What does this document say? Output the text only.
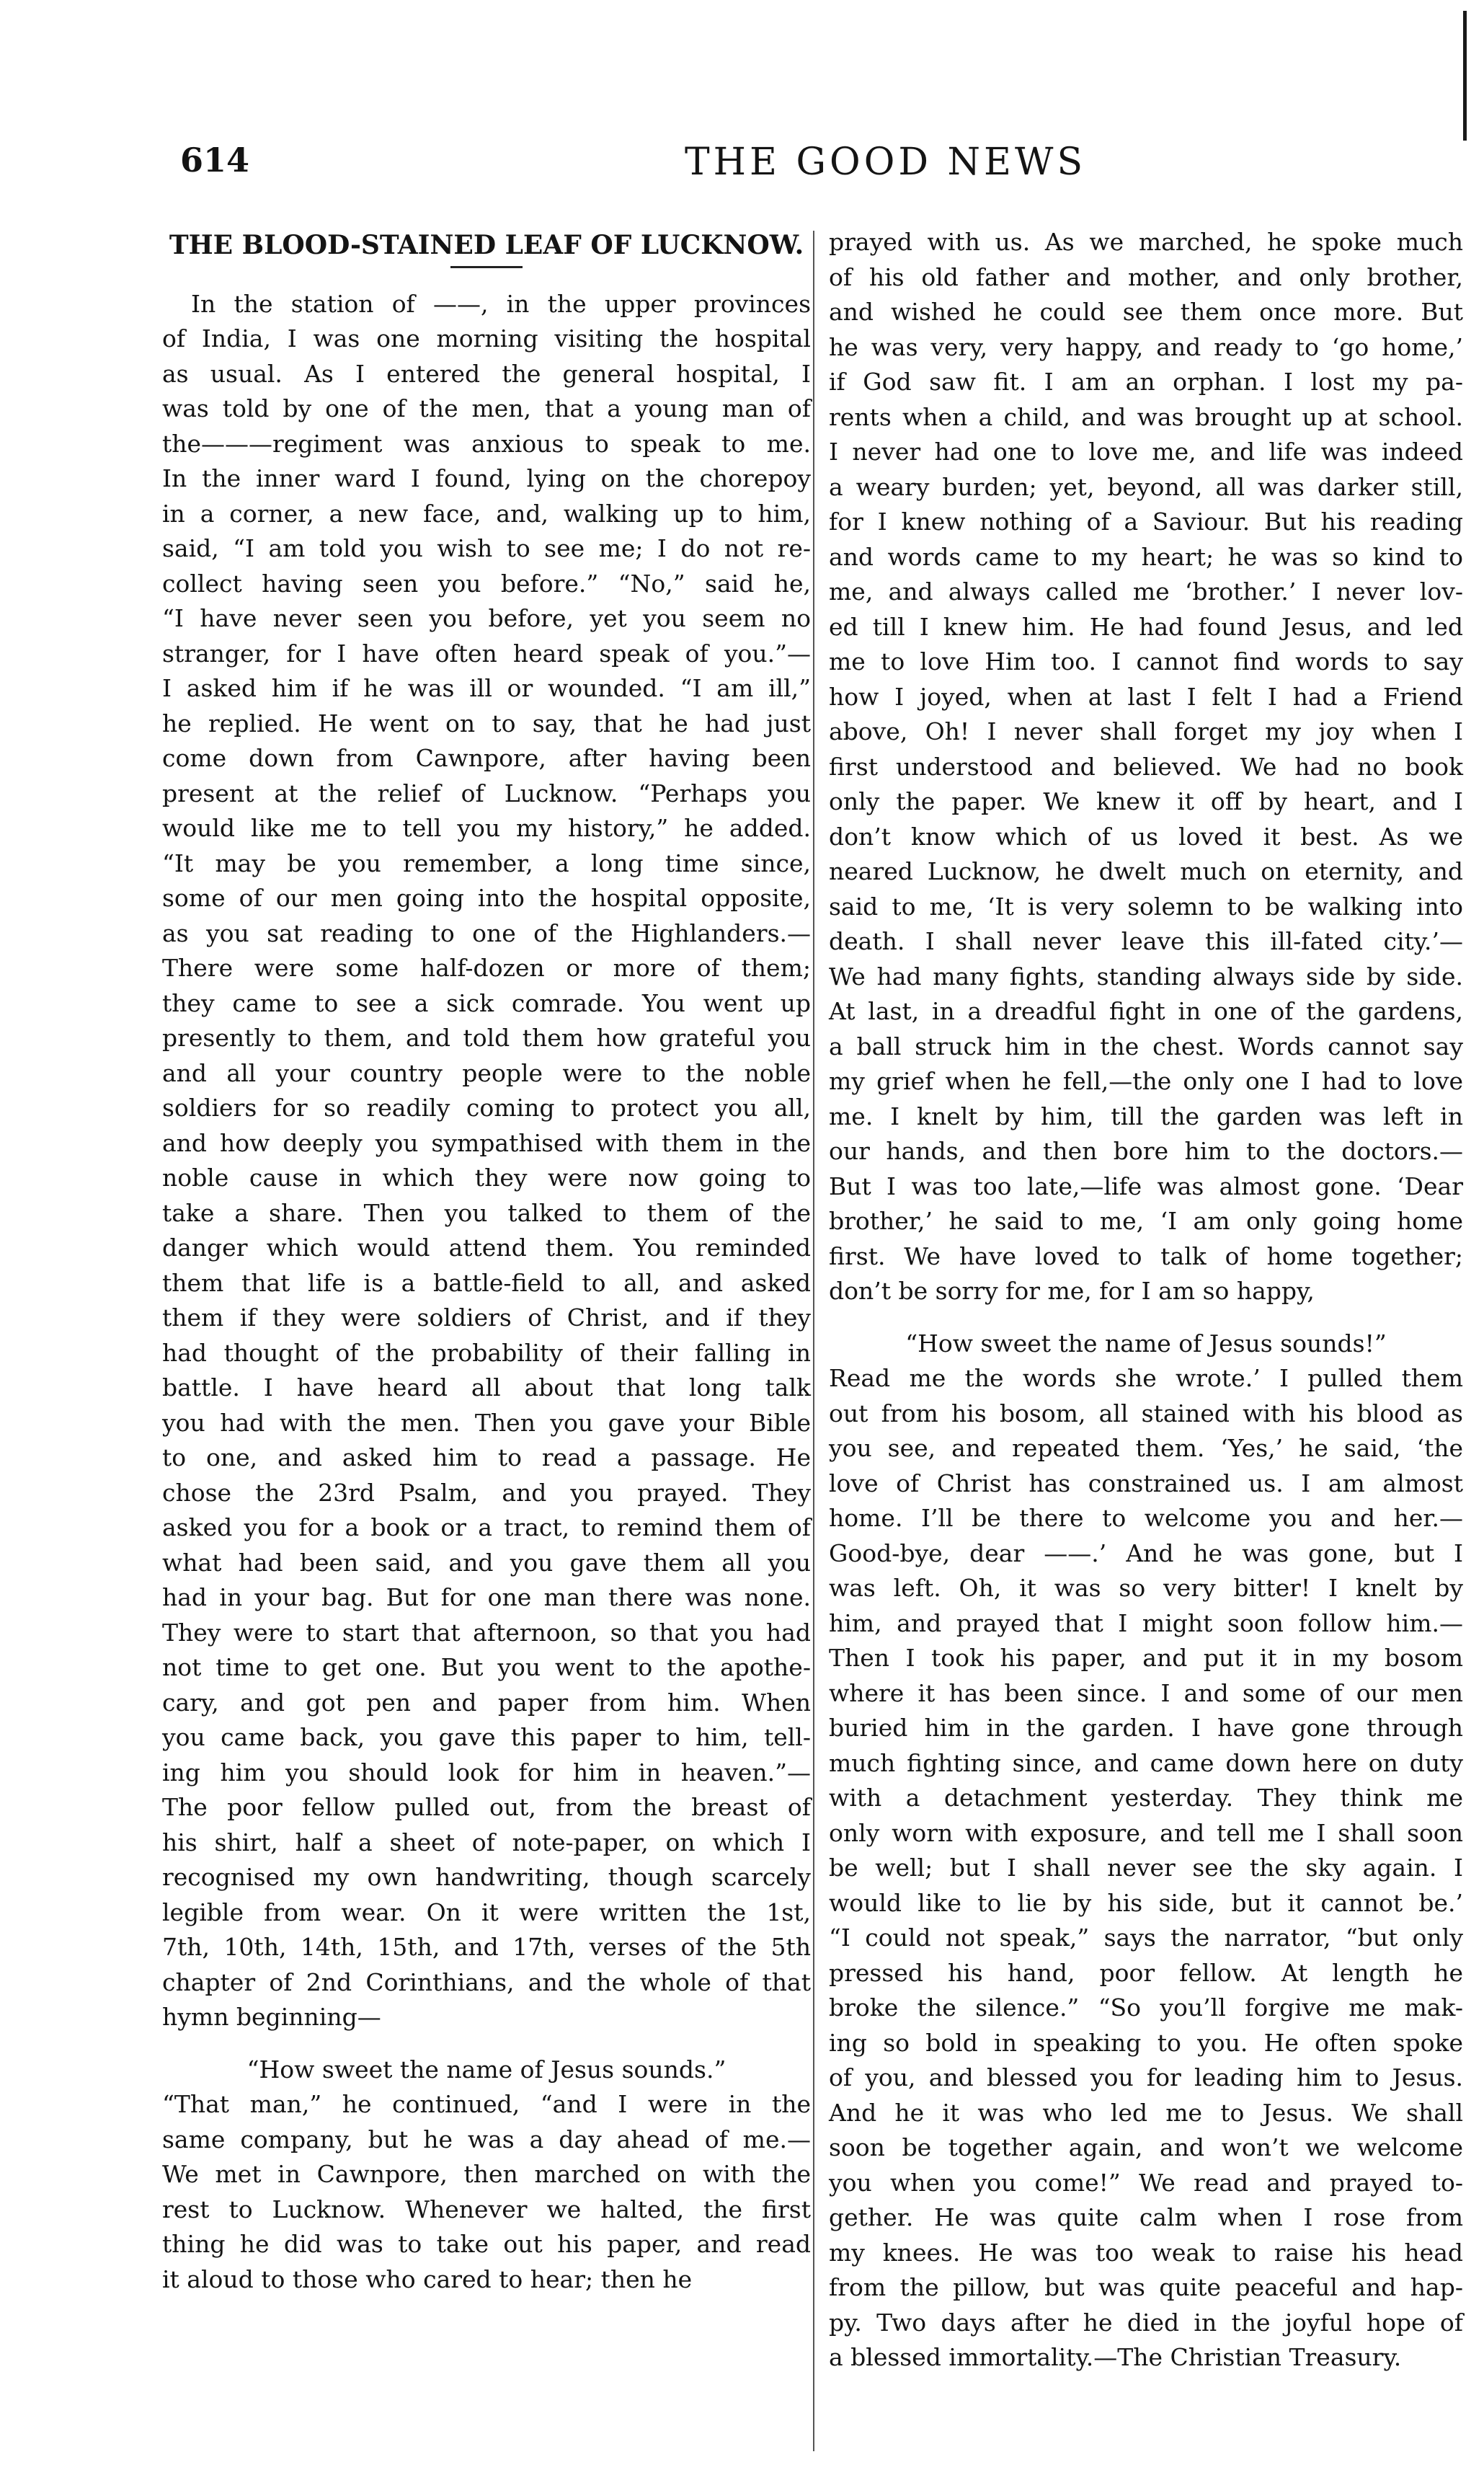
614	THE GOOD NEWS
THE BLOOD-STAINED LEAF OF LUCKNOW.
In the station of ——, in the upper provinces
of India, I was one morning visiting the hospital
as usual. As I entered the general hospital, I
was told by one of the men, that a young man of
the———regiment was anxious to speak to me.
In the inner ward I found, lying on the chorepoy
in a corner, a new face, and, walking up to him,
said, “I am told you wish to see me; I do not re-
collect having seen you before.” “No,” said he,
“I have never seen you before, yet you seem no
stranger, for I have often heard speak of you.”—
I asked him if he was ill or wounded. “I am ill,”
he replied. He went on to say, that he had just
come down from Cawnpore, after having been
present at the relief of Lucknow. “Perhaps you
would like me to tell you my history,” he added.
“It may be you remember, a long time since,
some of our men going into the hospital opposite,
as you sat reading to one of the Highlanders.—
There were some half-dozen or more of them;
they came to see a sick comrade. You went up
presently to them, and told them how grateful you
and all your country people were to the noble
soldiers for so readily coming to protect you all,
and how deeply you sympathised with them in the
noble cause in which they were now going to
take a share. Then you talked to them of the
danger which would attend them. You reminded
them that life is a battle-field to all, and asked
them if they were soldiers of Christ, and if they
had thought of the probability of their falling in
battle. I have heard all about that long talk
you had with the men. Then you gave your Bible
to one, and asked him to read a passage. He
chose the 23rd Psalm, and you prayed. They
asked you for a book or a tract, to remind them of
what had been said, and you gave them all you
had in your bag. But for one man there was none.
They were to start that afternoon, so that you had
not time to get one. But you went to the apothe-
cary, and got pen and paper from him. When
you came back, you gave this paper to him, tell-
ing him you should look for him in heaven.”—
The poor fellow pulled out, from the breast of
his shirt, half a sheet of note-paper, on which I
recognised my own handwriting, though scarcely
legible from wear. On it were written the 1st,
7th, 10th, 14th, 15th, and 17th, verses of the 5th
chapter of 2nd Corinthians, and the whole of that
hymn beginning—
“How sweet the name of Jesus sounds.”
“That man,” he continued, “and I were in the
same company, but he was a day ahead of me.—
We met in Cawnpore, then marched on with the
rest to Lucknow. Whenever we halted, the first
thing he did was to take out his paper, and read
it aloud to those who cared to hear; then he
prayed with us. As we marched, he spoke much
of his old father and mother, and only brother,
and wished he could see them once more. But
he was very, very happy, and ready to ‘go home,’
if God saw fit. I am an orphan. I lost my pa-
rents when a child, and was brought up at school.
I never had one to love me, and life was indeed
a weary burden; yet, beyond, all was darker still,
for I knew nothing of a Saviour. But his reading
and words came to my heart; he was so kind to
me, and always called me ‘brother.’ I never lov-
ed till I knew him. He had found Jesus, and led
me to love Him too. I cannot find words to say
how I joyed, when at last I felt I had a Friend
above, Oh! I never shall forget my joy when I
first understood and believed. We had no book
only the paper. We knew it off by heart, and I
don’t know which of us loved it best. As we
neared Lucknow, he dwelt much on eternity, and
said to me, ‘It is very solemn to be walking into
death. I shall never leave this ill-fated city.’—
We had many fights, standing always side by side.
At last, in a dreadful fight in one of the gardens,
a ball struck him in the chest. Words cannot say
my grief when he fell,—the only one I had to love
me. I knelt by him, till the garden was left in
our hands, and then bore him to the doctors.—
But I was too late,—life was almost gone. ‘Dear
brother,’ he said to me, ‘I am only going home
first. We have loved to talk of home together;
don’t be sorry for me, for I am so happy,
“How sweet the name of Jesus sounds!”
Read me the words she wrote.’ I pulled them
out from his bosom, all stained with his blood as
you see, and repeated them. ‘Yes,’ he said, ‘the
love of Christ has constrained us. I am almost
home. I’ll be there to welcome you and her.—
Good-bye, dear ——.’ And he was gone, but I
was left. Oh, it was so very bitter! I knelt by
him, and prayed that I might soon follow him.—
Then I took his paper, and put it in my bosom
where it has been since. I and some of our men
buried him in the garden. I have gone through
much fighting since, and came down here on duty
with a detachment yesterday. They think me
only worn with exposure, and tell me I shall soon
be well; but I shall never see the sky again. I
would like to lie by his side, but it cannot be.’
“I could not speak,” says the narrator, “but only
pressed his hand, poor fellow. At length he
broke the silence.” “So you’ll forgive me mak-
ing so bold in speaking to you. He often spoke
of you, and blessed you for leading him to Jesus.
And he it was who led me to Jesus. We shall
soon be together again, and won’t we welcome
you when you come!” We read and prayed to-
gether. He was quite calm when I rose from
my knees. He was too weak to raise his head
from the pillow, but was quite peaceful and hap-
py. Two days after he died in the joyful hope of
a blessed immortality.—The Christian Treasury.
